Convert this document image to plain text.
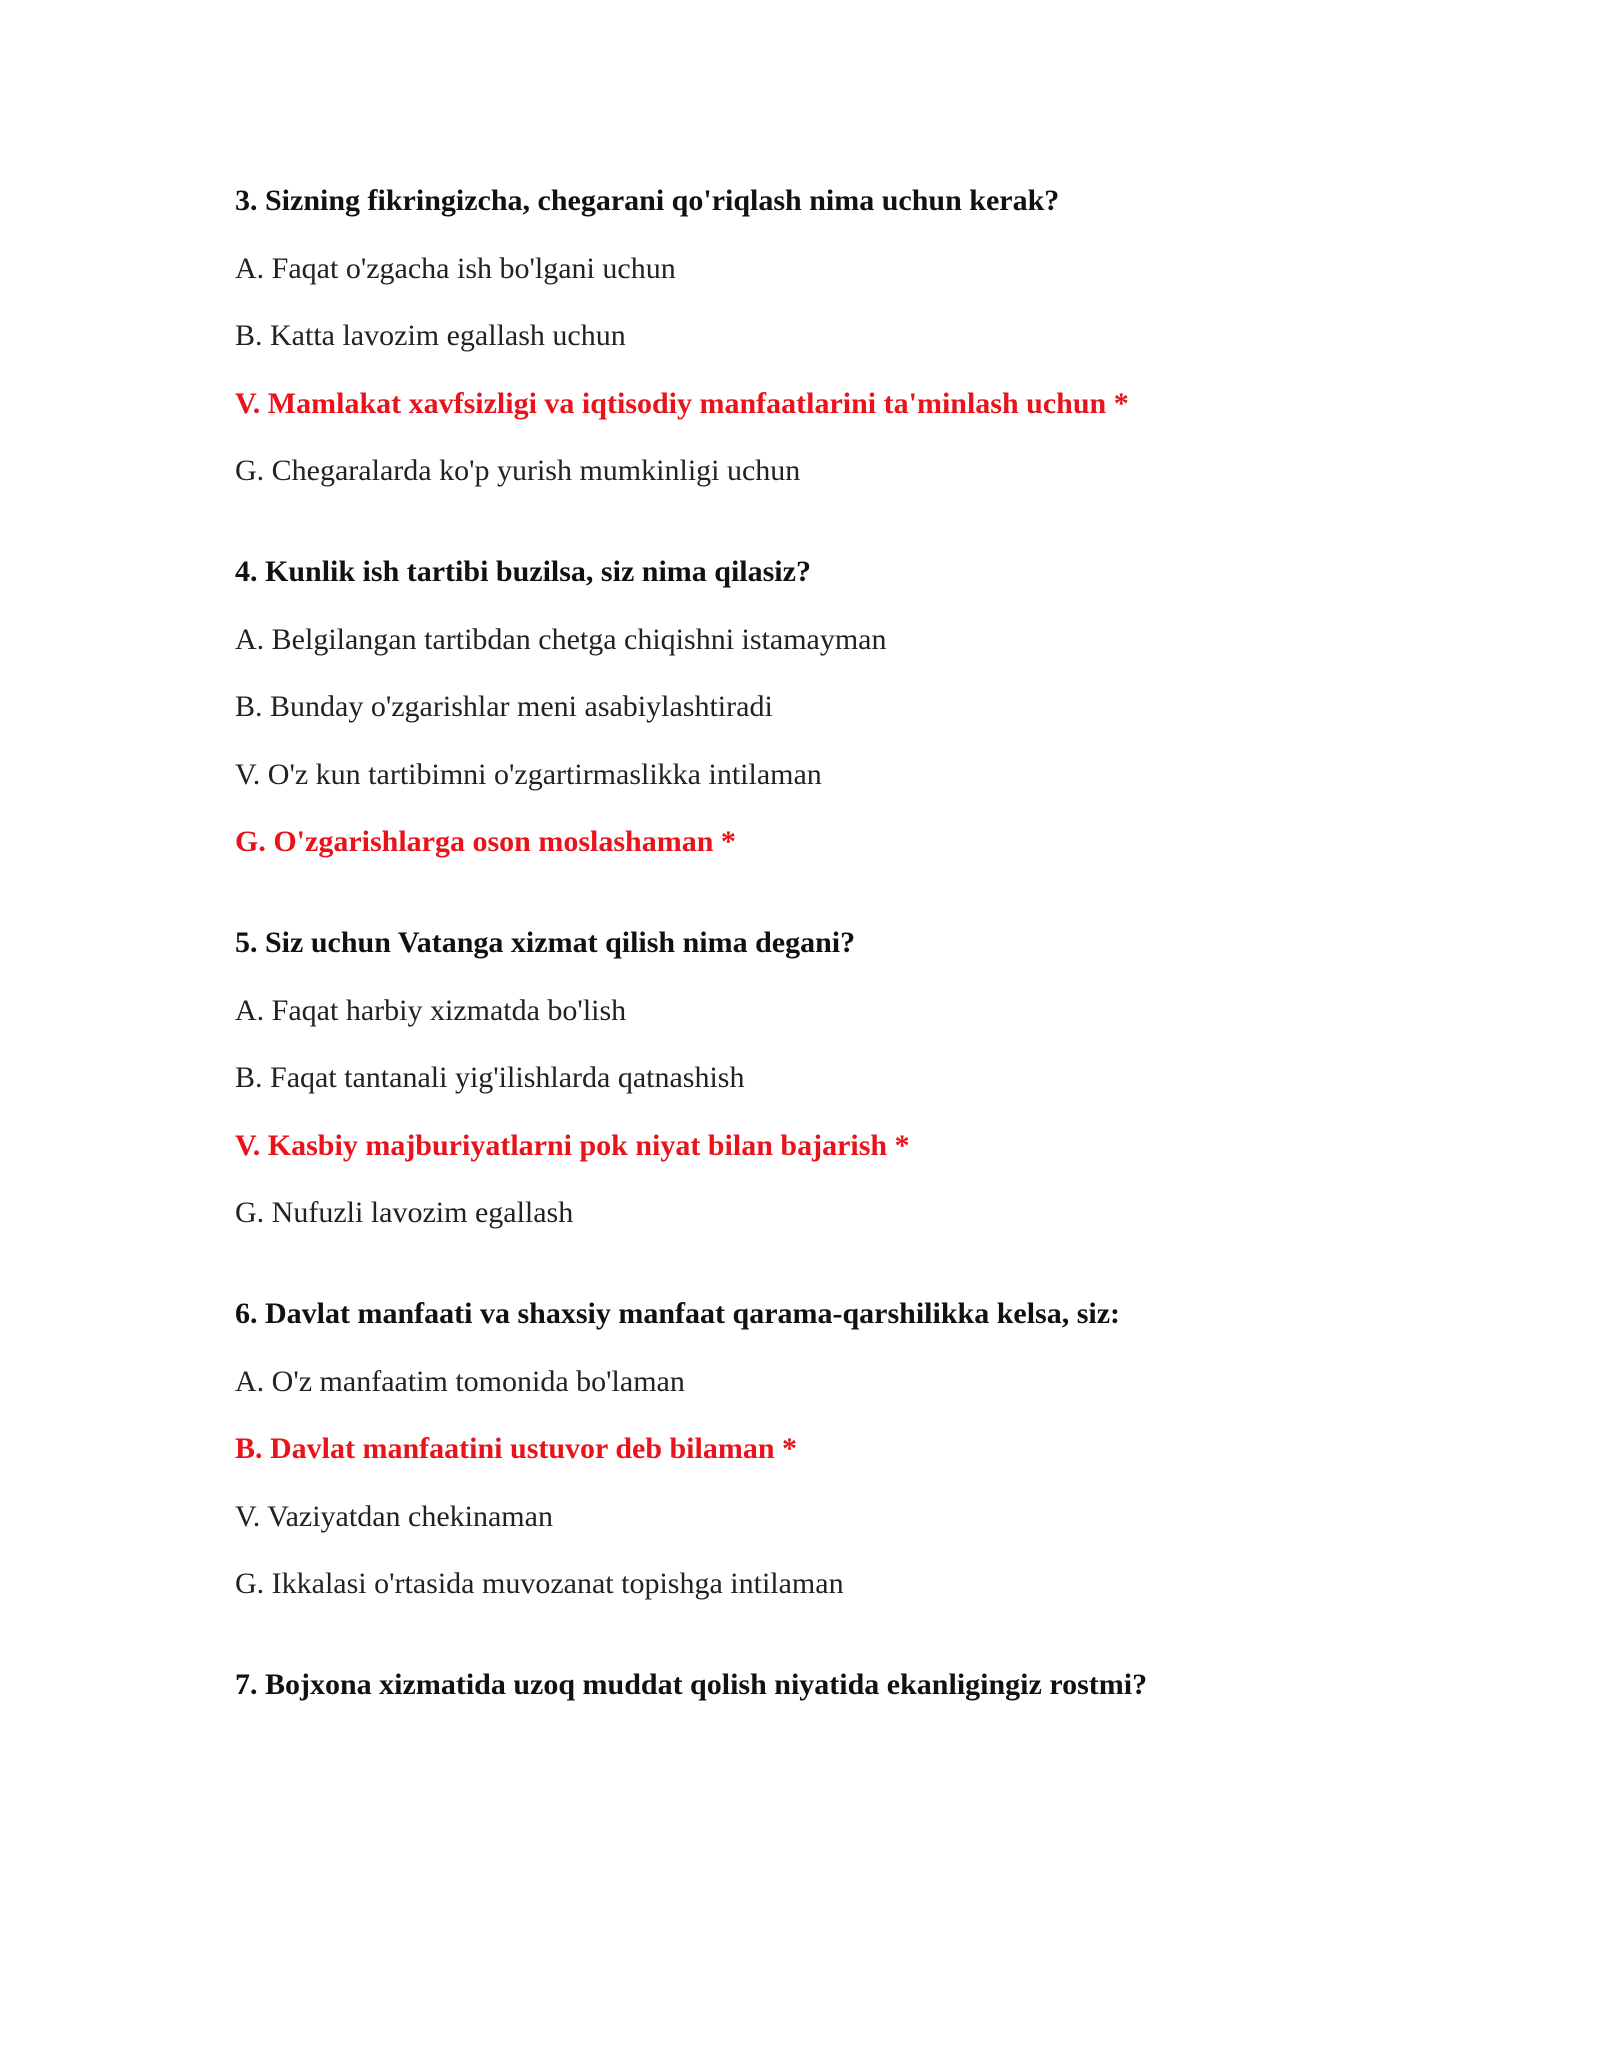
3. Sizning fikringizcha, chegarani qo'riqlash nima uchun kerak?

A. Faqat o'zgacha ish bo'lgani uchun

B. Katta lavozim egallash uchun

V. Mamlakat xavfsizligi va iqtisodiy manfaatlarini ta'minlash uchun *

G. Chegaralarda ko'p yurish mumkinligi uchun

4. Kunlik ish tartibi buzilsa, siz nima qilasiz?

A. Belgilangan tartibdan chetga chiqishni istamayman

B. Bunday o'zgarishlar meni asabiylashtiradi

V. O'z kun tartibimni o'zgartirmaslikka intilaman

G. O'zgarishlarga oson moslashaman *

5. Siz uchun Vatanga xizmat qilish nima degani?

A. Faqat harbiy xizmatda bo'lish

B. Faqat tantanali yig'ilishlarda qatnashish

V. Kasbiy majburiyatlarni pok niyat bilan bajarish *

G. Nufuzli lavozim egallash

6. Davlat manfaati va shaxsiy manfaat qarama-qarshilikka kelsa, siz:

A. O'z manfaatim tomonida bo'laman

B. Davlat manfaatini ustuvor deb bilaman *

V. Vaziyatdan chekinaman

G. Ikkalasi o'rtasida muvozanat topishga intilaman

7. Bojxona xizmatida uzoq muddat qolish niyatida ekanligingiz rostmi?
